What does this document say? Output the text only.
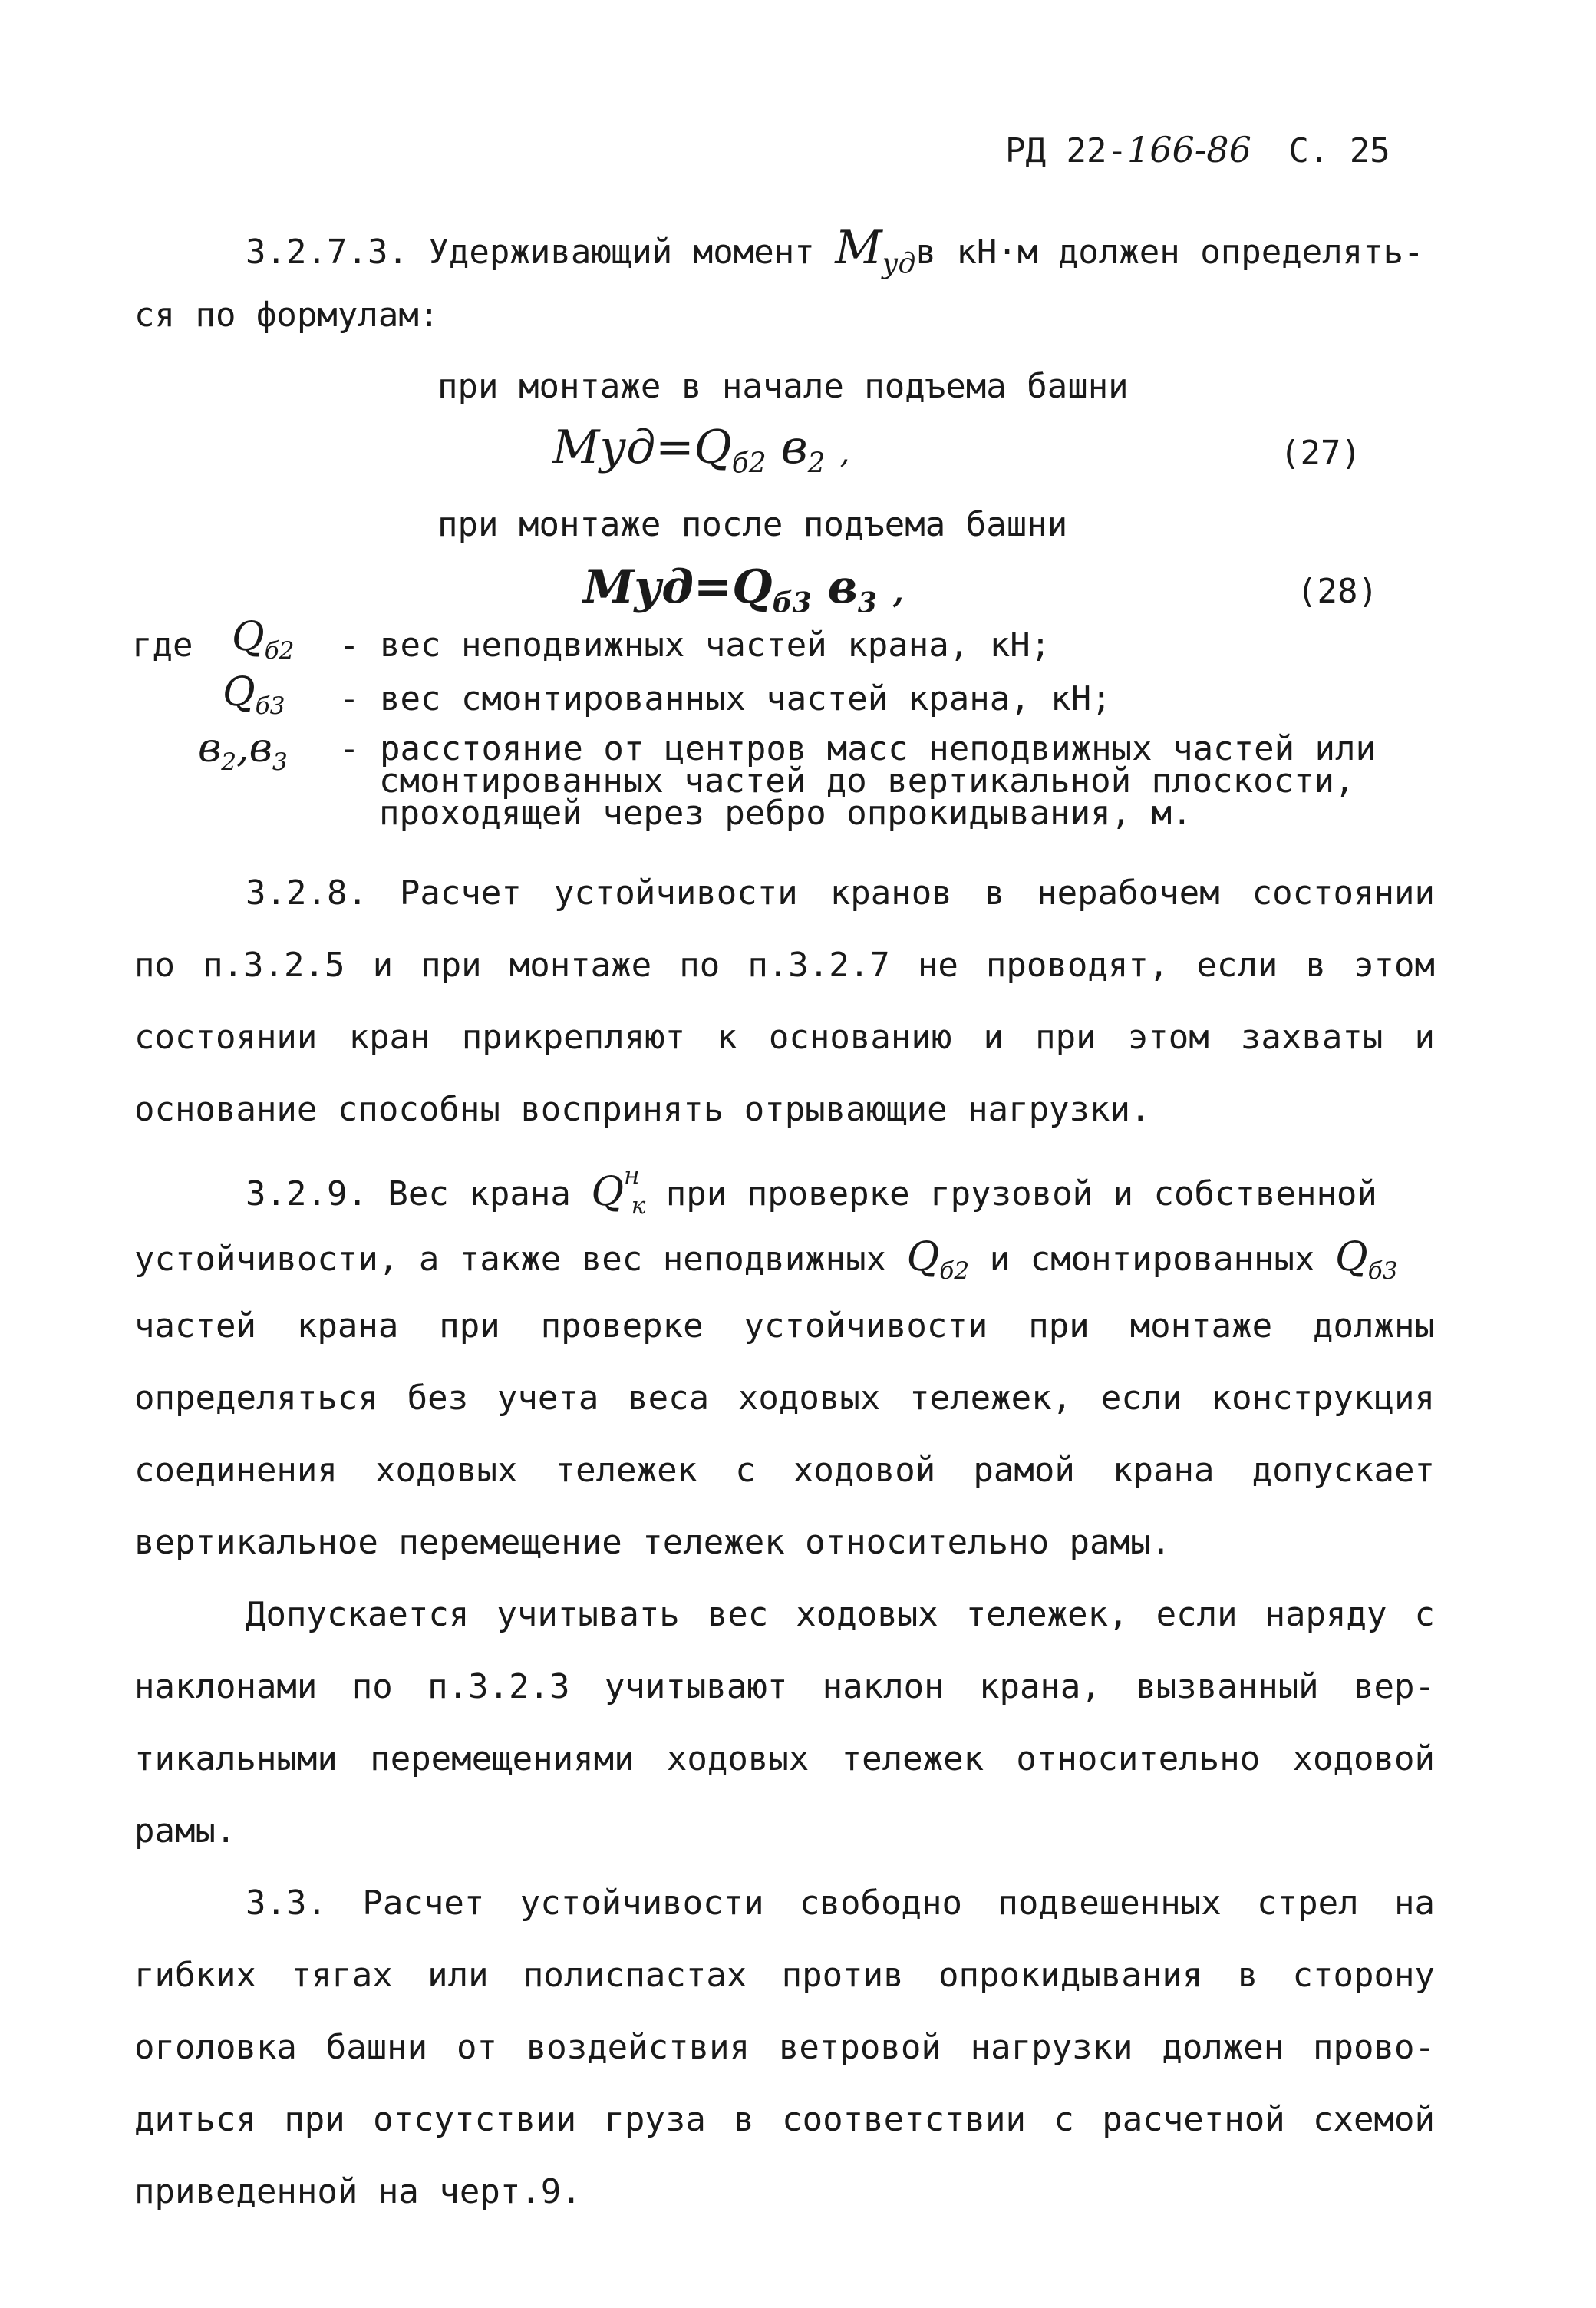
РД 22-166-86 С. 25
3.2.7.3. Удерживающий момент $М_{уд}в$ кН·м должен определять-
ся по формулам:
при монтаже в начале подъема башни
$Муд=Q_{б2}$ $в_2$ ,	(27)
при монтаже после подъема башни
$Муд=Q_{б3}$ $в_3$ ,	(28)
где $Q_{б2}$ - вес неподвижных частей крана, кН;
$Q_{б3}$ - вес смонтированных частей крана, кН;
$в_2,в_3$ - расстояние от центров масс неподвижных частей или
смонтированных частей до вертикальной плоскости,
проходящей через ребро опрокидывания, м.
3.2.8. Расчет устойчивости кранов в нерабочем состоянии
по п.3.2.5 и при монтаже по п.3.2.7 не проводят, если в этом
состоянии кран прикрепляют к основанию и при этом захваты и
основание способны воспринять отрывающие нагрузки.
3.2.9. Вес крана $Q^н_к$ при проверке грузовой и собственной
устойчивости, а также вес неподвижных $Q_{б2}$ и смонтированных $Q_{б3}$
частей крана при проверке устойчивости при монтаже должны
определяться без учета веса ходовых тележек, если конструкция
соединения ходовых тележек с ходовой рамой крана допускает
вертикальное перемещение тележек относительно рамы.
Допускается учитывать вес ходовых тележек, если наряду с
наклонами по п.3.2.3 учитывают наклон крана, вызванный вер-
тикальными перемещениями ходовых тележек относительно ходовой
рамы.
3.3. Расчет устойчивости свободно подвешенных стрел на
гибких тягах или полиспастах против опрокидывания в сторону
оголовка башни от воздействия ветровой нагрузки должен прово-
диться при отсутствии груза в соответствии с расчетной схемой
приведенной на черт.9.
